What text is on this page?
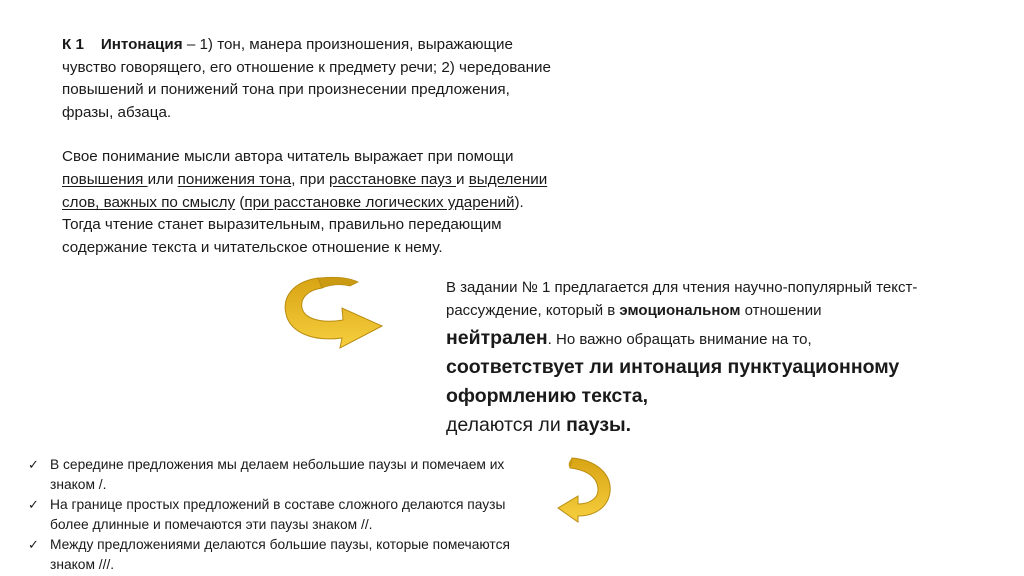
К 1 Интонация – 1) тон, манера произношения, выражающие чувство говорящего, его отношение к предмету речи; 2) чередование повышений и понижений тона при произнесении предложения, фразы, абзаца.

Свое понимание мысли автора читатель выражает при помощи повышения или понижения тона, при расстановке пауз и выделении слов, важных по смыслу (при расстановке логических ударений). Тогда чтение станет выразительным, правильно передающим содержание текста и читательское отношение к нему.

В задании № 1 предлагается для чтения научно-популярный текст-рассуждение, который в эмоциональном отношении

нейтрален. Но важно обращать внимание на то,

соответствует ли интонация пунктуационному оформлению текста,

делаются ли паузы.

✓ В середине предложения мы делаем небольшие паузы и помечаем их знаком /.
✓ На границе простых предложений в составе сложного делаются паузы более длинные и помечаются эти паузы знаком //.
✓ Между предложениями делаются большие паузы, которые помечаются знаком ///.
